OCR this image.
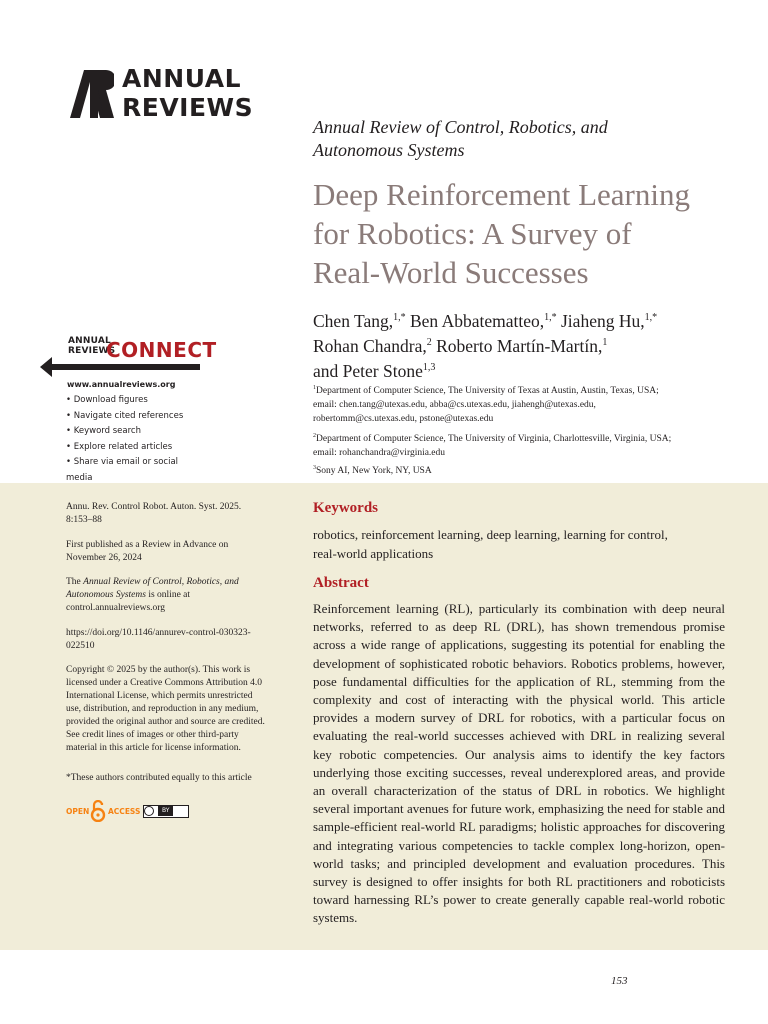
ANNUAL
REVIEWS
ANNUAL
REVIEWS
CONNECT
www.annualreviews.org
• Download figures
• Navigate cited references
• Keyword search
• Explore related articles
• Share via email or social media
Annual Review of Control, Robotics, and
Autonomous Systems
Deep Reinforcement Learning
for Robotics: A Survey of
Real-World Successes
Chen Tang,$^{1,*}$ Ben Abbatematteo,$^{1,*}$ Jiaheng Hu,$^{1,*}$
Rohan Chandra,$^2$ Roberto Martín-Martín,$^1$
and Peter Stone$^{1,3}$
$^1$Department of Computer Science, The University of Texas at Austin, Austin, Texas, USA;
email: chen.tang@utexas.edu, abba@cs.utexas.edu, jiahengh@utexas.edu,
robertomm@cs.utexas.edu, pstone@utexas.edu
$^2$Department of Computer Science, The University of Virginia, Charlottesville, Virginia, USA;
email: rohanchandra@virginia.edu
$^3$Sony AI, New York, NY, USA

Annu. Rev. Control Robot. Auton. Syst. 2025.

8:153–88

First published as a Review in Advance on

November 26, 2024

The Annual Review of Control, Robotics, and

Autonomous Systems is online at

control.annualreviews.org

https://doi.org/10.1146/annurev-control-030323-

022510

Copyright © 2025 by the author(s). This work is

licensed under a Creative Commons Attribution 4.0

International License, which permits unrestricted

use, distribution, and reproduction in any medium,

provided the original author and source are credited.

See credit lines of images or other third-party

material in this article for license information.

*These authors contributed equally to this article

OPEN ACCESS	BY
Keywords
robotics, reinforcement learning, deep learning, learning for control,
real-world applications
Abstract
Reinforcement learning (RL), particularly its combination with deep neural networks, referred to as deep RL (DRL), has shown tremendous promise across a wide range of applications, suggesting its potential for enabling the development of sophisticated robotic behaviors. Robotics problems, however, pose fundamental difficulties for the application of RL, stemming from the complexity and cost of interacting with the physical world. This article provides a modern survey of DRL for robotics, with a particular focus on evaluating the real-world successes achieved with DRL in realizing several key robotic competencies. Our analysis aims to identify the key factors underlying those exciting successes, reveal underexplored areas, and provide an overall characterization of the status of DRL in robotics. We highlight several important avenues for future work, emphasizing the need for stable and sample-efficient real-world RL paradigms; holistic approaches for discovering and integrating various competencies to tackle complex long-horizon, open-world tasks; and principled development and evaluation procedures. This survey is designed to offer insights for both RL practitioners and roboticists toward harnessing RL’s power to create generally capable real-world robotic systems.
153
